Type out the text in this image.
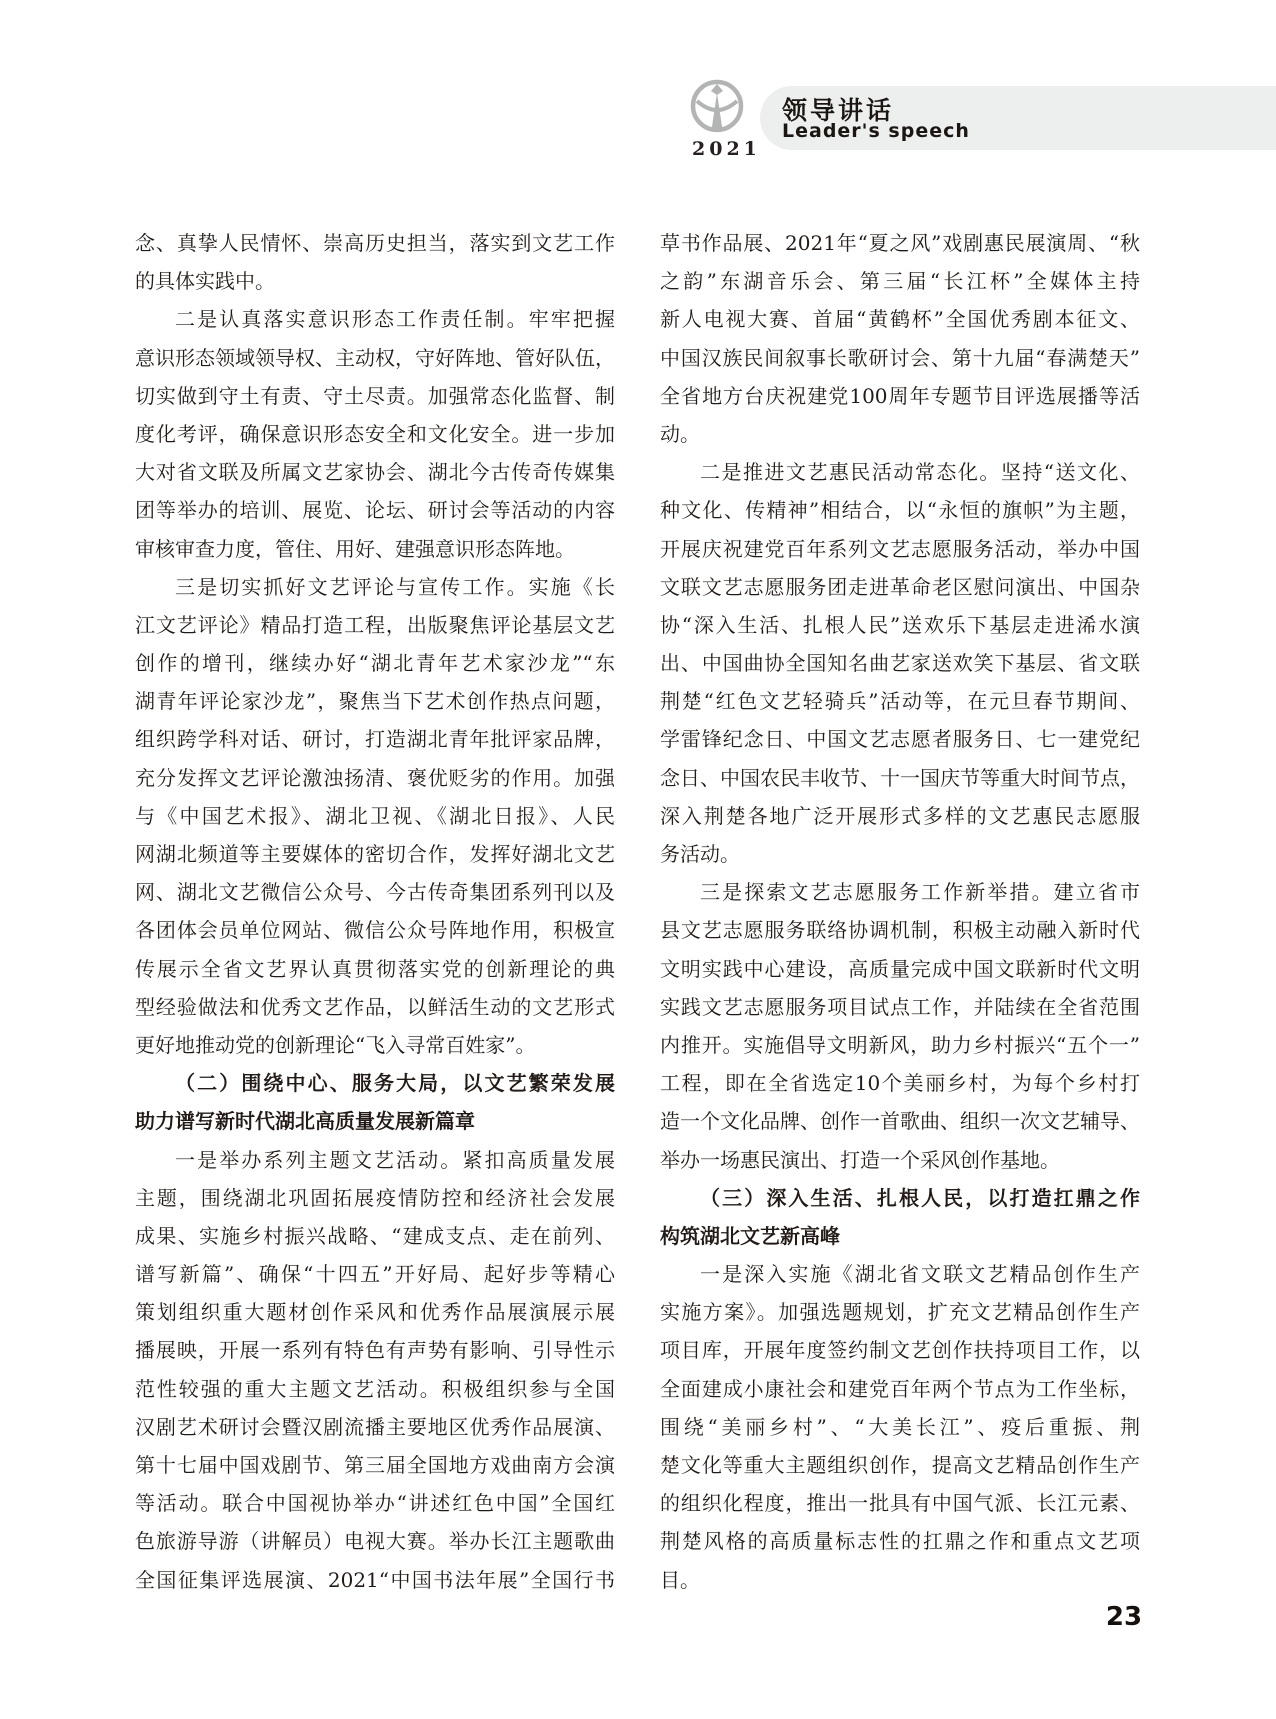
2021
领导讲话
Leader's speech
念、真挚人民情怀、崇高历史担当，落实到文艺工作
的具体实践中。
二是认真落实意识形态工作责任制。牢牢把握
意识形态领域领导权、主动权，守好阵地、管好队伍，
切实做到守土有责、守土尽责。加强常态化监督、制
度化考评，确保意识形态安全和文化安全。进一步加
大对省文联及所属文艺家协会、湖北今古传奇传媒集
团等举办的培训、展览、论坛、研讨会等活动的内容
审核审查力度，管住、用好、建强意识形态阵地。
三是切实抓好文艺评论与宣传工作。实施《长
江文艺评论》精品打造工程，出版聚焦评论基层文艺
创作的增刊，继续办好“湖北青年艺术家沙龙”“东
湖青年评论家沙龙”，聚焦当下艺术创作热点问题，
组织跨学科对话、研讨，打造湖北青年批评家品牌，
充分发挥文艺评论激浊扬清、褒优贬劣的作用。加强
与《中国艺术报》、湖北卫视、《湖北日报》、人民
网湖北频道等主要媒体的密切合作，发挥好湖北文艺
网、湖北文艺微信公众号、今古传奇集团系列刊以及
各团体会员单位网站、微信公众号阵地作用，积极宣
传展示全省文艺界认真贯彻落实党的创新理论的典
型经验做法和优秀文艺作品，以鲜活生动的文艺形式
更好地推动党的创新理论“飞入寻常百姓家”。
（二）围绕中心、服务大局，以文艺繁荣发展
助力谱写新时代湖北高质量发展新篇章
一是举办系列主题文艺活动。紧扣高质量发展
主题，围绕湖北巩固拓展疫情防控和经济社会发展
成果、实施乡村振兴战略、“建成支点、走在前列、
谱写新篇”、确保“十四五”开好局、起好步等精心
策划组织重大题材创作采风和优秀作品展演展示展
播展映，开展一系列有特色有声势有影响、引导性示
范性较强的重大主题文艺活动。积极组织参与全国
汉剧艺术研讨会暨汉剧流播主要地区优秀作品展演、
第十七届中国戏剧节、第三届全国地方戏曲南方会演
等活动。联合中国视协举办“讲述红色中国”全国红
色旅游导游（讲解员）电视大赛。举办长江主题歌曲
全国征集评选展演、2021“中国书法年展”全国行书
草书作品展、2021年“夏之风”戏剧惠民展演周、“秋
之韵”东湖音乐会、第三届“长江杯”全媒体主持
新人电视大赛、首届“黄鹤杯”全国优秀剧本征文、
中国汉族民间叙事长歌研讨会、第十九届“春满楚天”
全省地方台庆祝建党100周年专题节目评选展播等活
动。
二是推进文艺惠民活动常态化。坚持“送文化、
种文化、传精神”相结合，以“永恒的旗帜”为主题，
开展庆祝建党百年系列文艺志愿服务活动，举办中国
文联文艺志愿服务团走进革命老区慰问演出、中国杂
协“深入生活、扎根人民”送欢乐下基层走进浠水演
出、中国曲协全国知名曲艺家送欢笑下基层、省文联
荆楚“红色文艺轻骑兵”活动等，在元旦春节期间、
学雷锋纪念日、中国文艺志愿者服务日、七一建党纪
念日、中国农民丰收节、十一国庆节等重大时间节点，
深入荆楚各地广泛开展形式多样的文艺惠民志愿服
务活动。
三是探索文艺志愿服务工作新举措。建立省市
县文艺志愿服务联络协调机制，积极主动融入新时代
文明实践中心建设，高质量完成中国文联新时代文明
实践文艺志愿服务项目试点工作，并陆续在全省范围
内推开。实施倡导文明新风，助力乡村振兴“五个一”
工程，即在全省选定10个美丽乡村，为每个乡村打
造一个文化品牌、创作一首歌曲、组织一次文艺辅导、
举办一场惠民演出、打造一个采风创作基地。
（三）深入生活、扎根人民，以打造扛鼎之作
构筑湖北文艺新高峰
一是深入实施《湖北省文联文艺精品创作生产
实施方案》。加强选题规划，扩充文艺精品创作生产
项目库，开展年度签约制文艺创作扶持项目工作，以
全面建成小康社会和建党百年两个节点为工作坐标，
围绕“美丽乡村”、“大美长江”、疫后重振、荆
楚文化等重大主题组织创作，提高文艺精品创作生产
的组织化程度，推出一批具有中国气派、长江元素、
荆楚风格的高质量标志性的扛鼎之作和重点文艺项
目。
23
